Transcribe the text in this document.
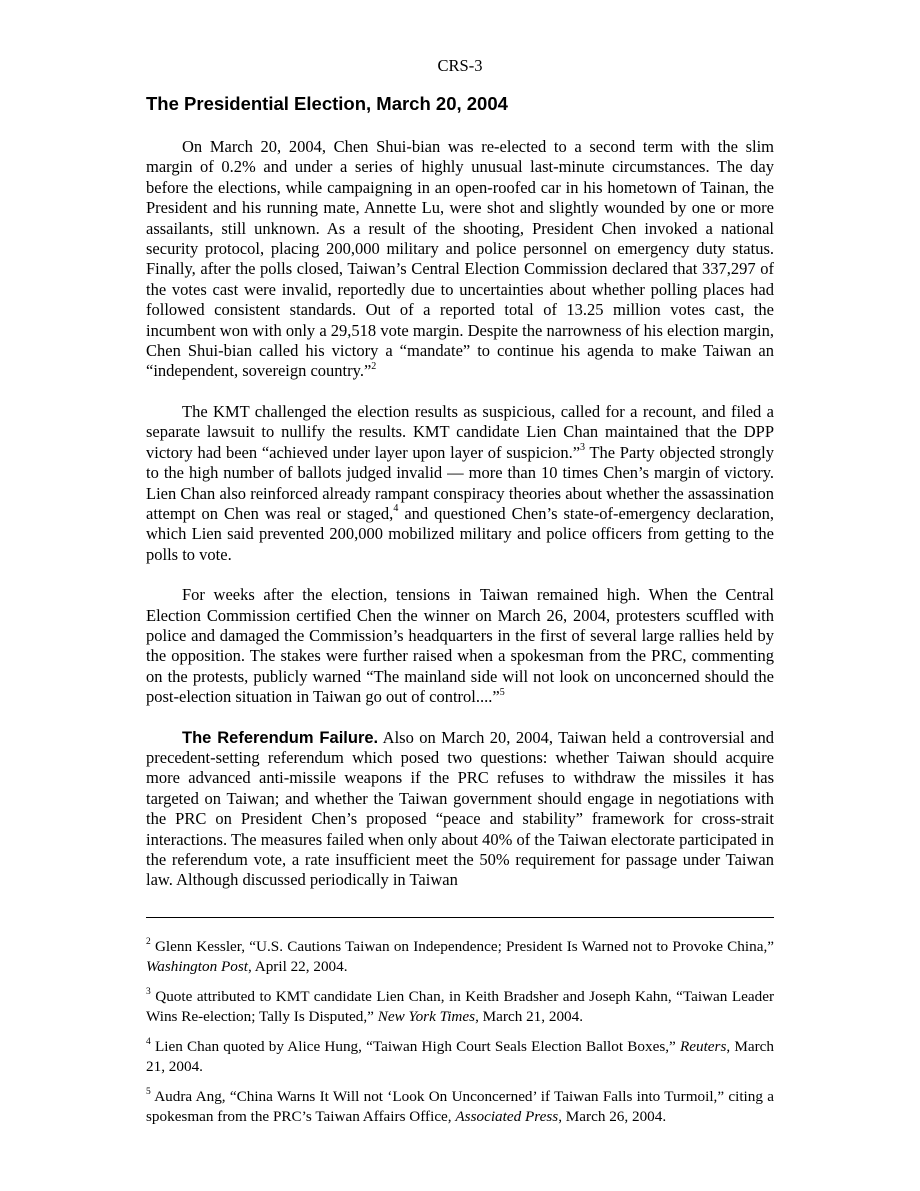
CRS-3
The Presidential Election, March 20, 2004

On March 20, 2004, Chen Shui-bian was re-elected to a second term with the slim margin of 0.2% and under a series of highly unusual last-minute circumstances. The day before the elections, while campaigning in an open-roofed car in his hometown of Tainan, the President and his running mate, Annette Lu, were shot and slightly wounded by one or more assailants, still unknown. As a result of the shooting, President Chen invoked a national security protocol, placing 200,000 military and police personnel on emergency duty status. Finally, after the polls closed, Taiwan’s Central Election Commission declared that 337,297 of the votes cast were invalid, reportedly due to uncertainties about whether polling places had followed consistent standards. Out of a reported total of 13.25 million votes cast, the incumbent won with only a 29,518 vote margin. Despite the narrowness of his election margin, Chen Shui-bian called his victory a “mandate” to continue his agenda to make Taiwan an “independent, sovereign country.”$^2$

The KMT challenged the election results as suspicious, called for a recount, and filed a separate lawsuit to nullify the results. KMT candidate Lien Chan maintained that the DPP victory had been “achieved under layer upon layer of suspicion.”$^3$ The Party objected strongly to the high number of ballots judged invalid — more than 10 times Chen’s margin of victory. Lien Chan also reinforced already rampant conspiracy theories about whether the assassination attempt on Chen was real or staged,$^4$ and questioned Chen’s state-of-emergency declaration, which Lien said prevented 200,000 mobilized military and police officers from getting to the polls to vote.

For weeks after the election, tensions in Taiwan remained high. When the Central Election Commission certified Chen the winner on March 26, 2004, protesters scuffled with police and damaged the Commission’s headquarters in the first of several large rallies held by the opposition. The stakes were further raised when a spokesman from the PRC, commenting on the protests, publicly warned “The mainland side will not look on unconcerned should the post-election situation in Taiwan go out of control....”$^5$

The Referendum Failure. Also on March 20, 2004, Taiwan held a controversial and precedent-setting referendum which posed two questions: whether Taiwan should acquire more advanced anti-missile weapons if the PRC refuses to withdraw the missiles it has targeted on Taiwan; and whether the Taiwan government should engage in negotiations with the PRC on President Chen’s proposed “peace and stability” framework for cross-strait interactions. The measures failed when only about 40% of the Taiwan electorate participated in the referendum vote, a rate insufficient meet the 50% requirement for passage under Taiwan law. Although discussed periodically in Taiwan

$^2$ Glenn Kessler, “U.S. Cautions Taiwan on Independence; President Is Warned not to Provoke China,” Washington Post, April 22, 2004.

$^3$ Quote attributed to KMT candidate Lien Chan, in Keith Bradsher and Joseph Kahn, “Taiwan Leader Wins Re-election; Tally Is Disputed,” New York Times, March 21, 2004.

$^4$ Lien Chan quoted by Alice Hung, “Taiwan High Court Seals Election Ballot Boxes,” Reuters, March 21, 2004.

$^5$ Audra Ang, “China Warns It Will not ‘Look On Unconcerned’ if Taiwan Falls into Turmoil,” citing a spokesman from the PRC’s Taiwan Affairs Office, Associated Press, March 26, 2004.
